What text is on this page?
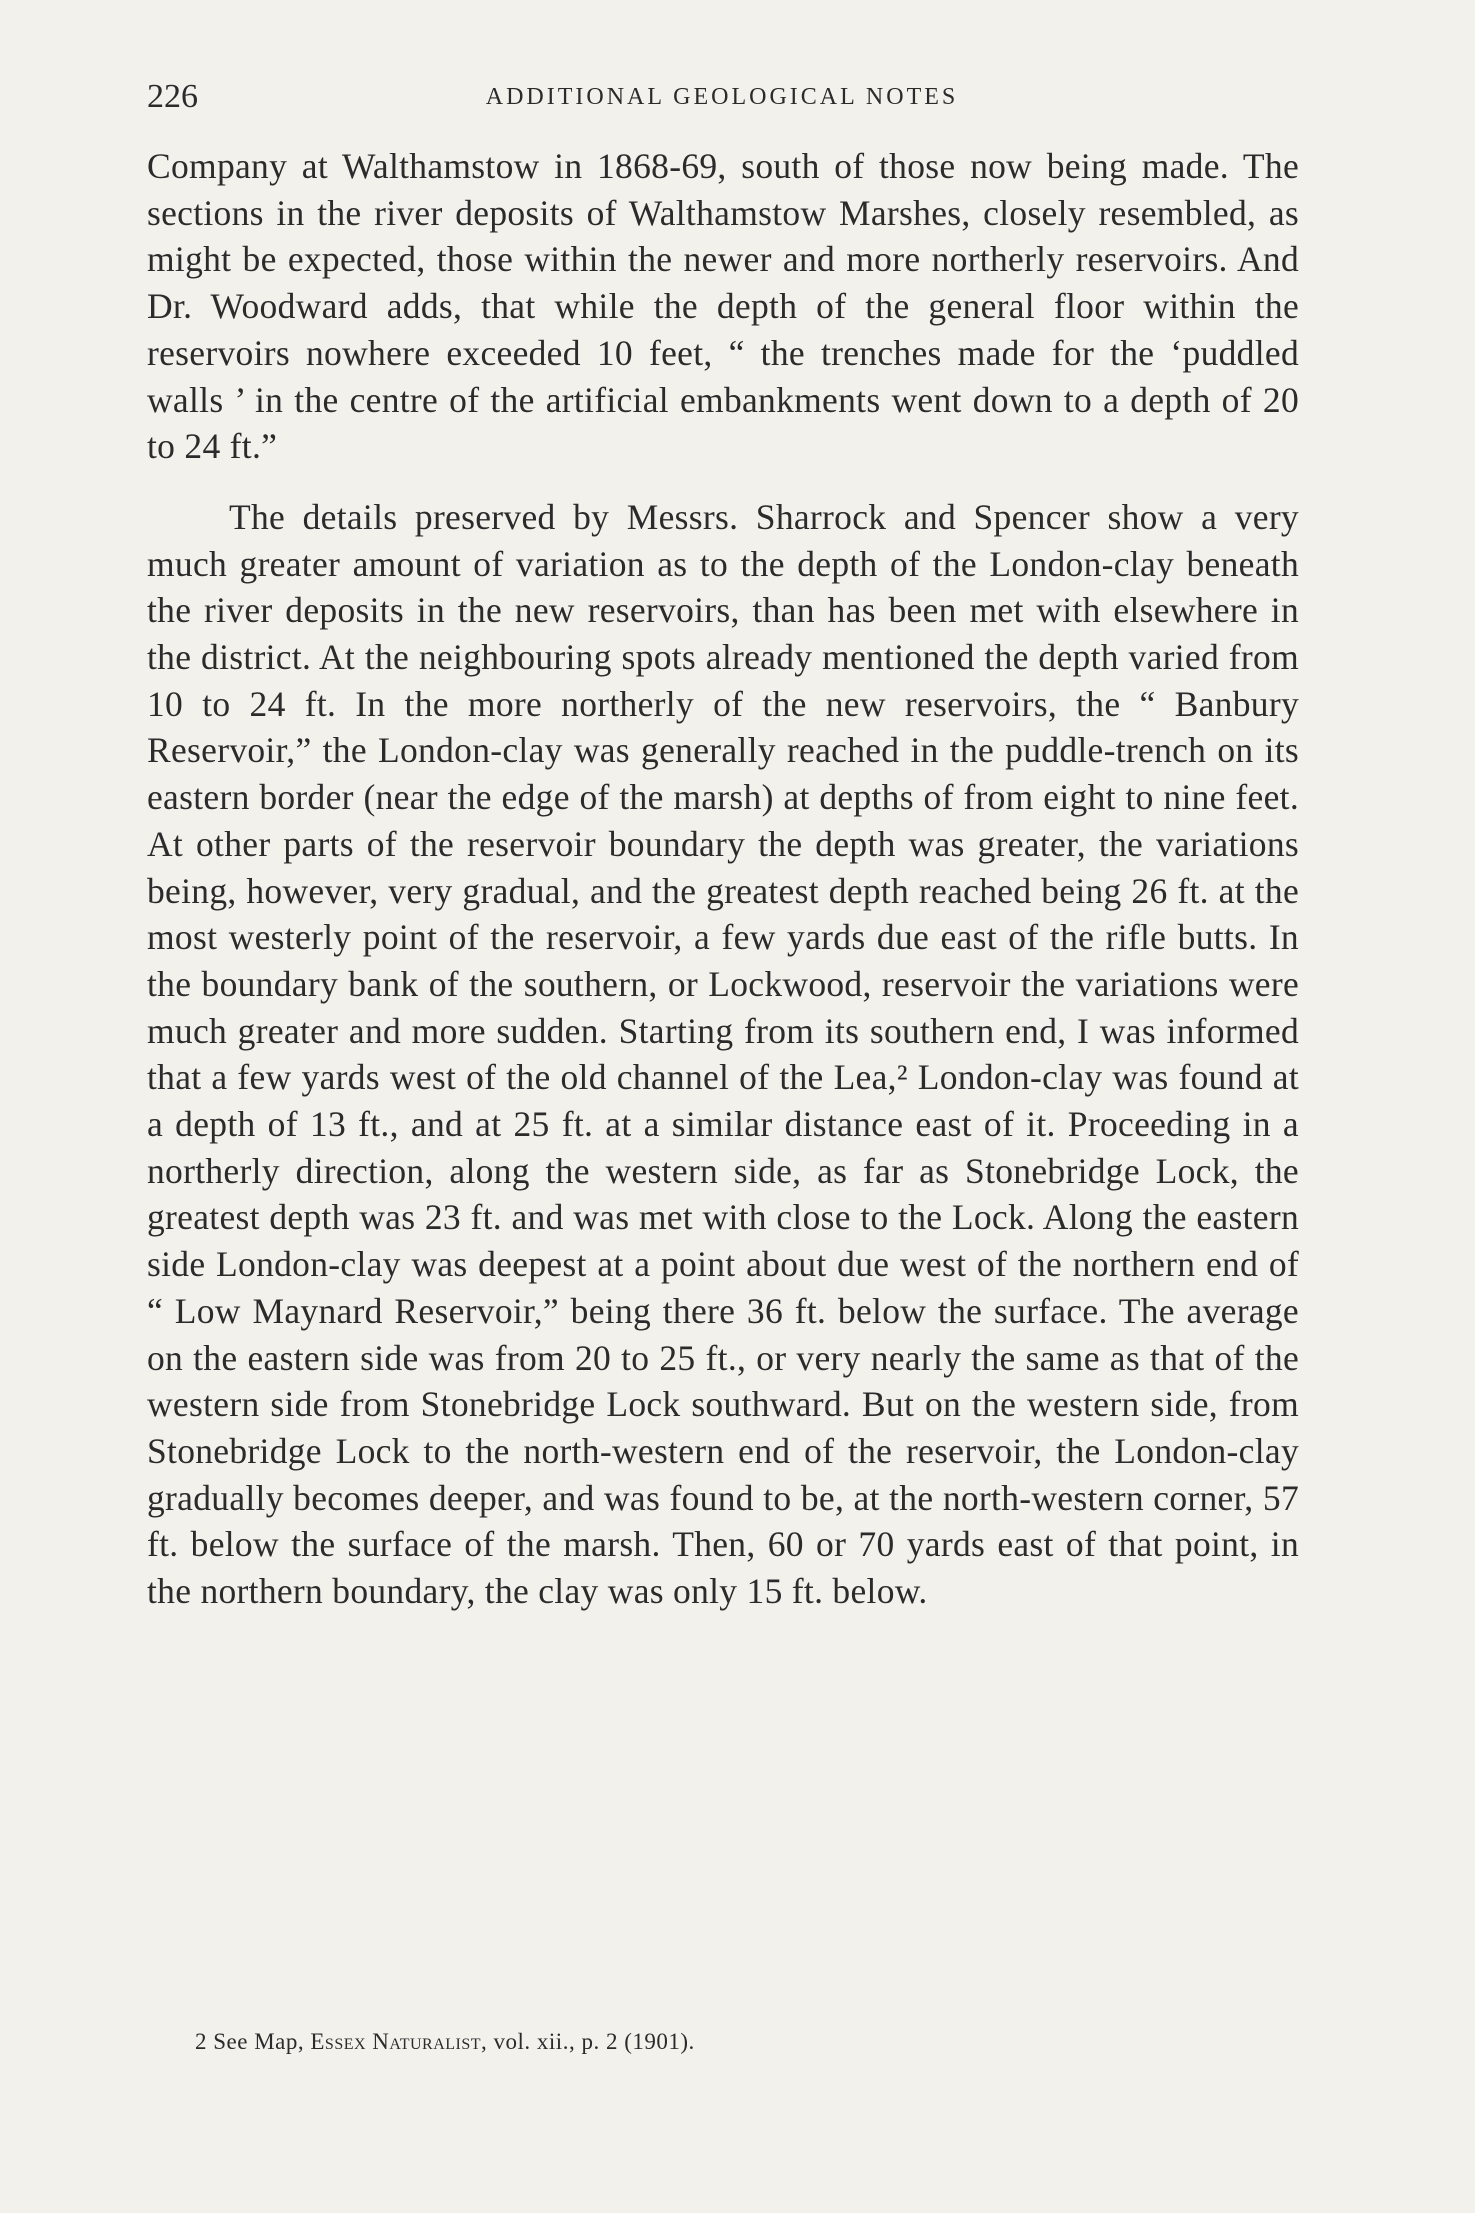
226	ADDITIONAL GEOLOGICAL NOTES

Company at Walthamstow in 1868-69, south of those now being made. The sections in the river deposits of Walthamstow Marshes, closely resembled, as might be expected, those within the newer and more northerly reservoirs. And Dr. Woodward adds, that while the depth of the general floor within the reservoirs nowhere exceeded 10 feet, “ the trenches made for the ‘puddled walls ’ in the centre of the artificial embankments went down to a depth of 20 to 24 ft.”

The details preserved by Messrs. Sharrock and Spencer show a very much greater amount of variation as to the depth of the London-clay beneath the river deposits in the new reservoirs, than has been met with elsewhere in the district. At the neighbouring spots already mentioned the depth varied from 10 to 24 ft. In the more northerly of the new reservoirs, the “ Banbury Reservoir,” the London-clay was generally reached in the puddle-trench on its eastern border (near the edge of the marsh) at depths of from eight to nine feet. At other parts of the reservoir boundary the depth was greater, the variations being, however, very gradual, and the greatest depth reached being 26 ft. at the most westerly point of the reservoir, a few yards due east of the rifle butts. In the boundary bank of the southern, or Lockwood, reservoir the variations were much greater and more sudden. Starting from its southern end, I was informed that a few yards west of the old channel of the Lea,² London-clay was found at a depth of 13 ft., and at 25 ft. at a similar distance east of it. Proceeding in a northerly direction, along the western side, as far as Stonebridge Lock, the greatest depth was 23 ft. and was met with close to the Lock. Along the eastern side London-clay was deepest at a point about due west of the northern end of “ Low Maynard Reservoir,” being there 36 ft. below the surface. The average on the eastern side was from 20 to 25 ft., or very nearly the same as that of the western side from Stonebridge Lock southward. But on the western side, from Stonebridge Lock to the north-western end of the reservoir, the London-clay gradually becomes deeper, and was found to be, at the north-western corner, 57 ft. below the surface of the marsh. Then, 60 or 70 yards east of that point, in the northern boundary, the clay was only 15 ft. below.

2 See Map, Essex Naturalist, vol. xii., p. 2 (1901).
